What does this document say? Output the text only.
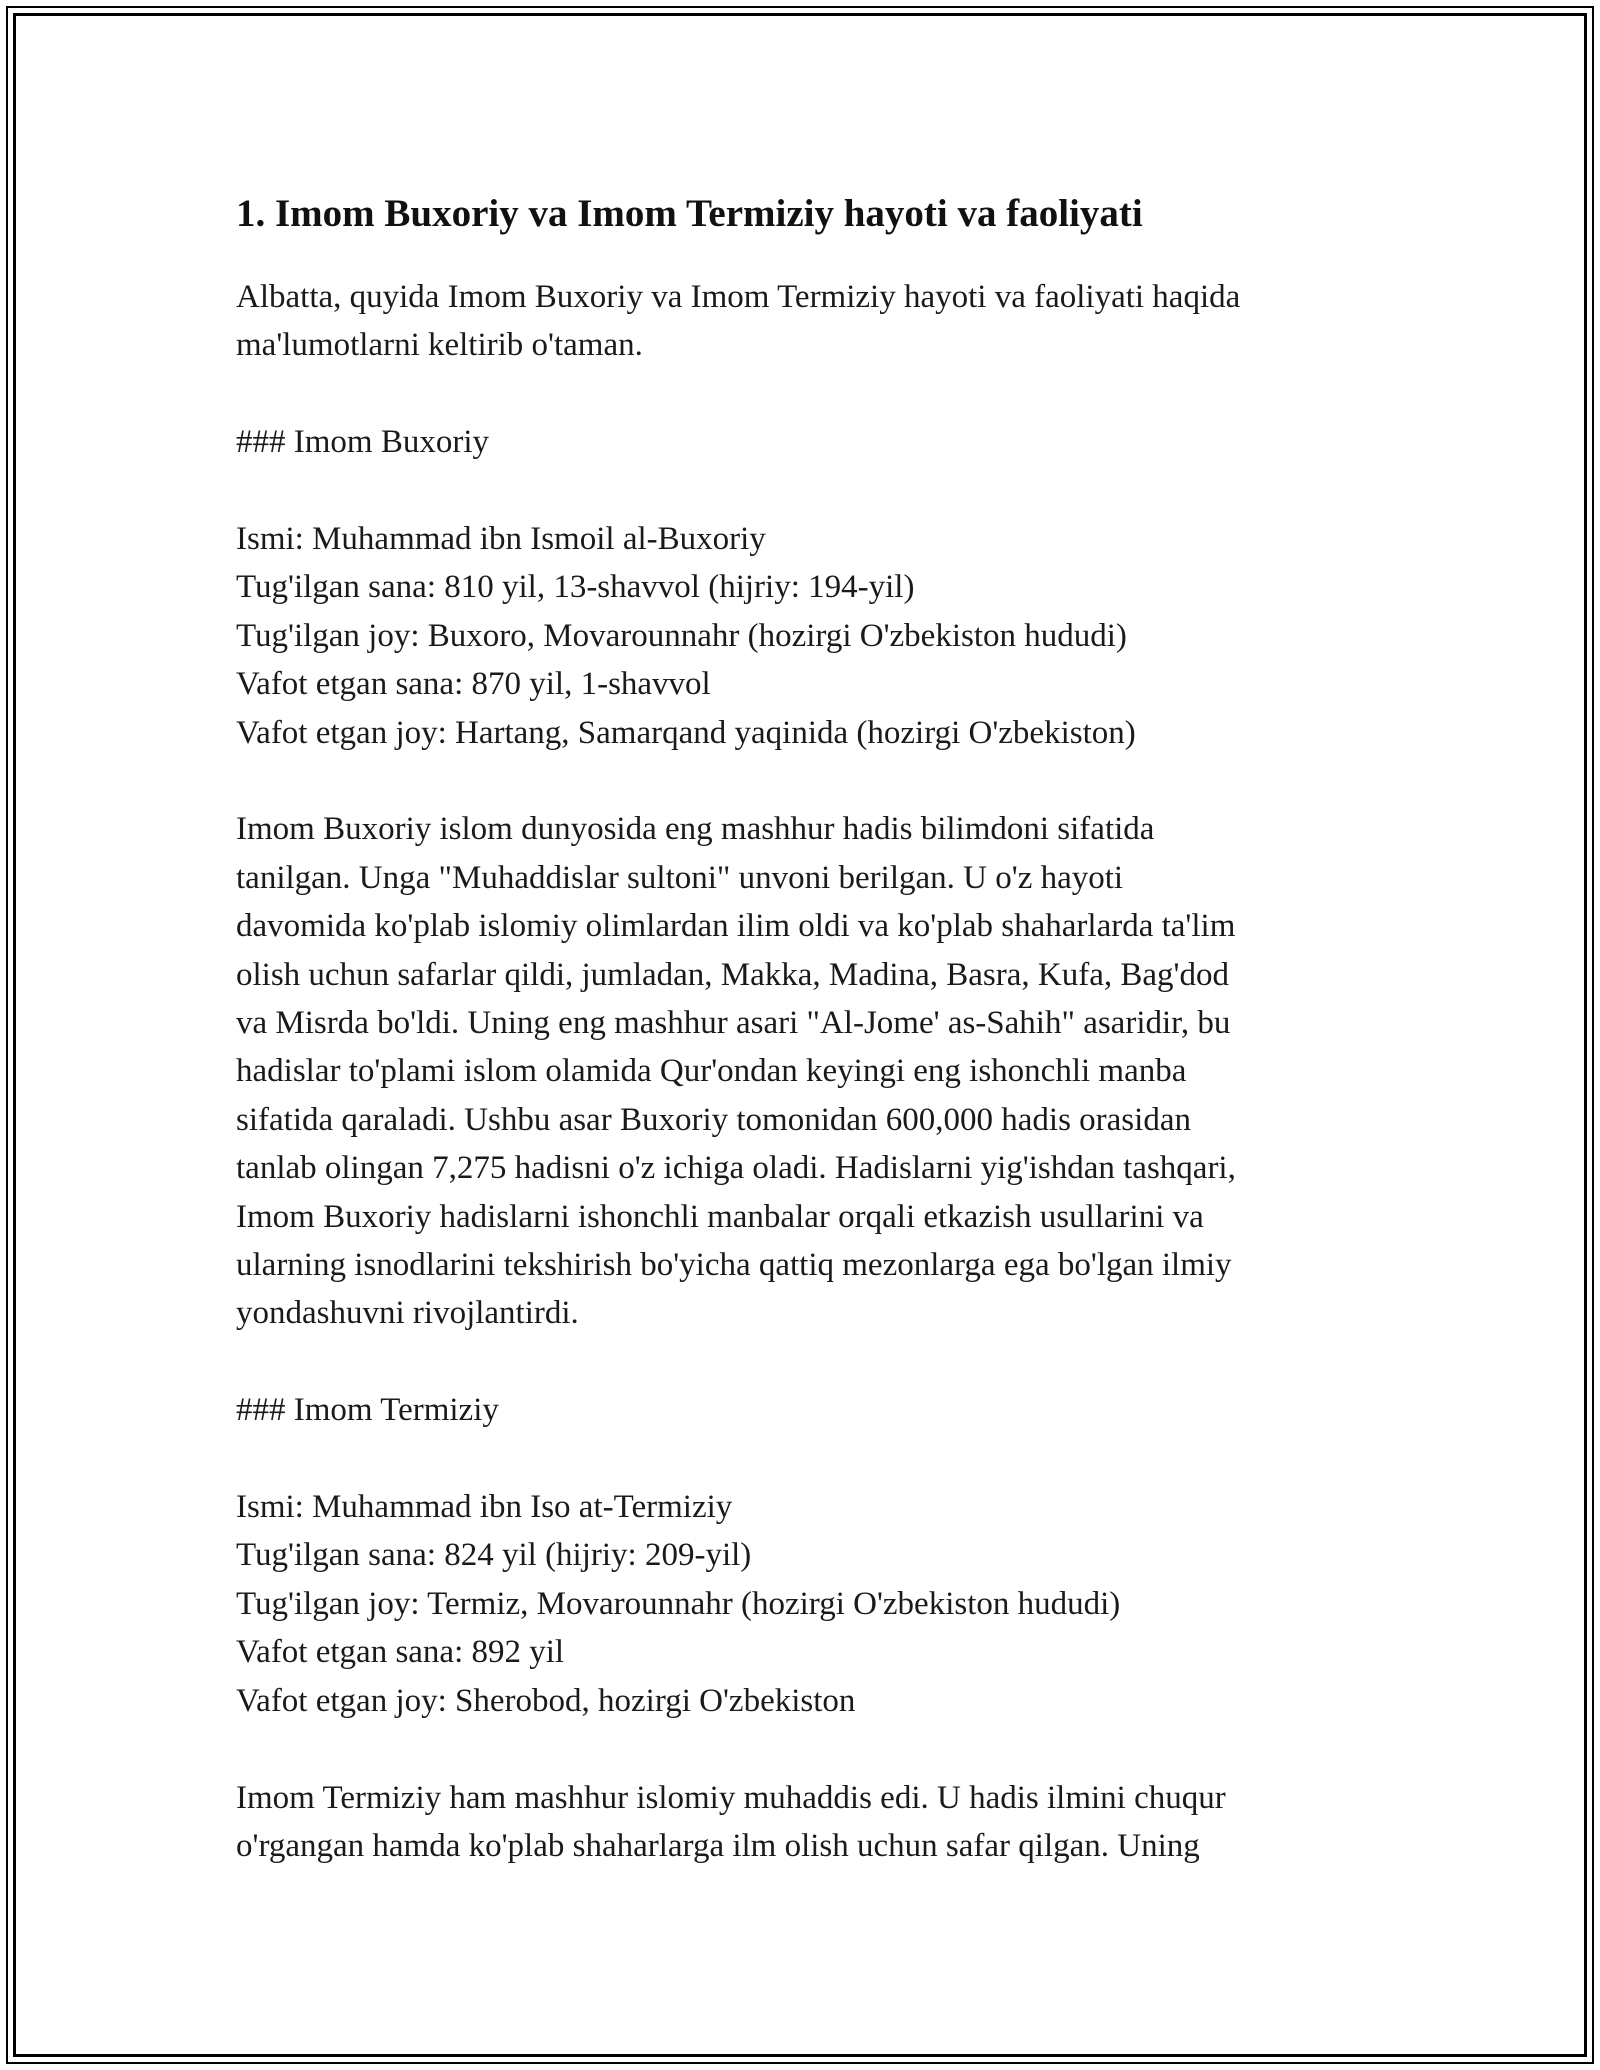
1. Imom Buxoriy va Imom Termiziy hayoti va faoliyati

Albatta, quyida Imom Buxoriy va Imom Termiziy hayoti va faoliyati haqida
ma'lumotlarni keltirib o'taman.

### Imom Buxoriy

Ismi: Muhammad ibn Ismoil al-Buxoriy
Tug'ilgan sana: 810 yil, 13-shavvol (hijriy: 194-yil)
Tug'ilgan joy: Buxoro, Movarounnahr (hozirgi O'zbekiston hududi)
Vafot etgan sana: 870 yil, 1-shavvol
Vafot etgan joy: Hartang, Samarqand yaqinida (hozirgi O'zbekiston)

Imom Buxoriy islom dunyosida eng mashhur hadis bilimdoni sifatida
tanilgan. Unga "Muhaddislar sultoni" unvoni berilgan. U o'z hayoti
davomida ko'plab islomiy olimlardan ilim oldi va ko'plab shaharlarda ta'lim
olish uchun safarlar qildi, jumladan, Makka, Madina, Basra, Kufa, Bag'dod
va Misrda bo'ldi. Uning eng mashhur asari "Al-Jome' as-Sahih" asaridir, bu
hadislar to'plami islom olamida Qur'ondan keyingi eng ishonchli manba
sifatida qaraladi. Ushbu asar Buxoriy tomonidan 600,000 hadis orasidan
tanlab olingan 7,275 hadisni o'z ichiga oladi. Hadislarni yig'ishdan tashqari,
Imom Buxoriy hadislarni ishonchli manbalar orqali etkazish usullarini va
ularning isnodlarini tekshirish bo'yicha qattiq mezonlarga ega bo'lgan ilmiy
yondashuvni rivojlantirdi.

### Imom Termiziy

Ismi: Muhammad ibn Iso at-Termiziy
Tug'ilgan sana: 824 yil (hijriy: 209-yil)
Tug'ilgan joy: Termiz, Movarounnahr (hozirgi O'zbekiston hududi)
Vafot etgan sana: 892 yil
Vafot etgan joy: Sherobod, hozirgi O'zbekiston

Imom Termiziy ham mashhur islomiy muhaddis edi. U hadis ilmini chuqur
o'rgangan hamda ko'plab shaharlarga ilm olish uchun safar qilgan. Uning
